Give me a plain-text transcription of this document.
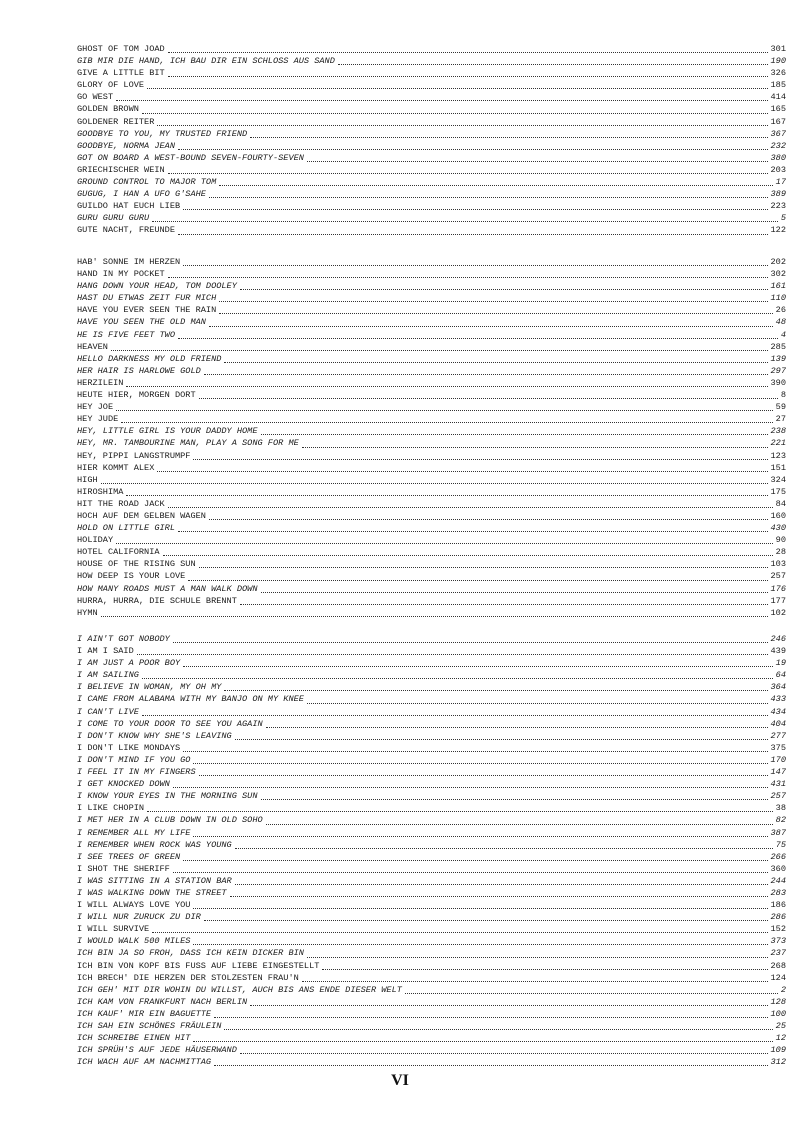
GHOST OF TOM JOAD	301
GIB MIR DIE HAND, ICH BAU DIR EIN SCHLOSS AUS SAND	190
GIVE A LITTLE BIT	326
GLORY OF LOVE	185
GO WEST	414
GOLDEN BROWN	165
GOLDENER REITER	167
GOODBYE TO YOU, MY TRUSTED FRIEND	367
GOODBYE, NORMA JEAN	232
GOT ON BOARD A WEST-BOUND SEVEN-FOURTY-SEVEN	380
GRIECHISCHER WEIN	203
GROUND CONTROL TO MAJOR TOM	17
GUGUG, I HAN A UFO G'SAHE	389
GUILDO HAT EUCH LIEB	223
GURU GURU GURU	5
GUTE NACHT, FREUNDE	122
HAB' SONNE IM HERZEN	202
HAND IN MY POCKET	302
HANG DOWN YOUR HEAD, TOM DOOLEY	161
HAST DU ETWAS ZEIT FUR MICH	110
HAVE YOU EVER SEEN THE RAIN	26
HAVE YOU SEEN THE OLD MAN	48
HE IS FIVE FEET TWO	4
HEAVEN	285
HELLO DARKNESS MY OLD FRIEND	139
HER HAIR IS HARLOWE GOLD	297
HERZILEIN	390
HEUTE HIER, MORGEN DORT	8
HEY JOE	59
HEY JUDE	27
HEY, LITTLE GIRL IS YOUR DADDY HOME	238
HEY, MR. TAMBOURINE MAN, PLAY A SONG FOR ME	221
HEY, PIPPI LANGSTRUMPF	123
HIER KOMMT ALEX	151
HIGH	324
HIROSHIMA	175
HIT THE ROAD JACK	84
HOCH AUF DEM GELBEN WAGEN	160
HOLD ON LITTLE GIRL	430
HOLIDAY	90
HOTEL CALIFORNIA	28
HOUSE OF THE RISING SUN	103
HOW DEEP IS YOUR LOVE	257
HOW MANY ROADS MUST A MAN WALK DOWN	176
HURRA, HURRA, DIE SCHULE BRENNT	177
HYMN	102
I AIN'T GOT NOBODY	246
I AM I SAID	439
I AM JUST A POOR BOY	19
I AM SAILING	64
I BELIEVE IN WOMAN, MY OH MY	364
I CAME FROM ALABAMA WITH MY BANJO ON MY KNEE	433
I CAN'T LIVE	434
I COME TO YOUR DOOR TO SEE YOU AGAIN	404
I DON'T KNOW WHY SHE'S LEAVING	277
I DON'T LIKE MONDAYS	375
I DON'T MIND IF YOU GO	170
I FEEL IT IN MY FINGERS	147
I GET KNOCKED DOWN	431
I KNOW YOUR EYES IN THE MORNING SUN	257
I LIKE CHOPIN	38
I MET HER IN A CLUB DOWN IN OLD SOHO	82
I REMEMBER ALL MY LIFE	387
I REMEMBER WHEN ROCK WAS YOUNG	75
I SEE TREES OF GREEN	266
I SHOT THE SHERIFF	360
I WAS SITTING IN A STATION BAR	244
I WAS WALKING DOWN THE STREET	283
I WILL ALWAYS LOVE YOU	186
I WILL NUR ZURUCK ZU DIR	286
I WILL SURVIVE	152
I WOULD WALK 500 MILES	373
ICH BIN JA SO FROH, DASS ICH KEIN DICKER BIN	237
ICH BIN VON KOPF BIS FUSS AUF LIEBE EINGESTELLT	268
ICH BRECH' DIE HERZEN DER STOLZESTEN FRAU'N	124
ICH GEH' MIT DIR WOHIN DU WILLST, AUCH BIS ANS ENDE DIESER WELT	2
ICH KAM VON FRANKFURT NACH BERLIN	128
ICH KAUF' MIR EIN BAGUETTE	100
ICH SAH EIN SCHÖNES FRÄULEIN	25
ICH SCHREIBE EINEN HIT	12
ICH SPRÜH'S AUF JEDE HÄUSERWAND	109
ICH WACH AUF AM NACHMITTAG	312
VI
